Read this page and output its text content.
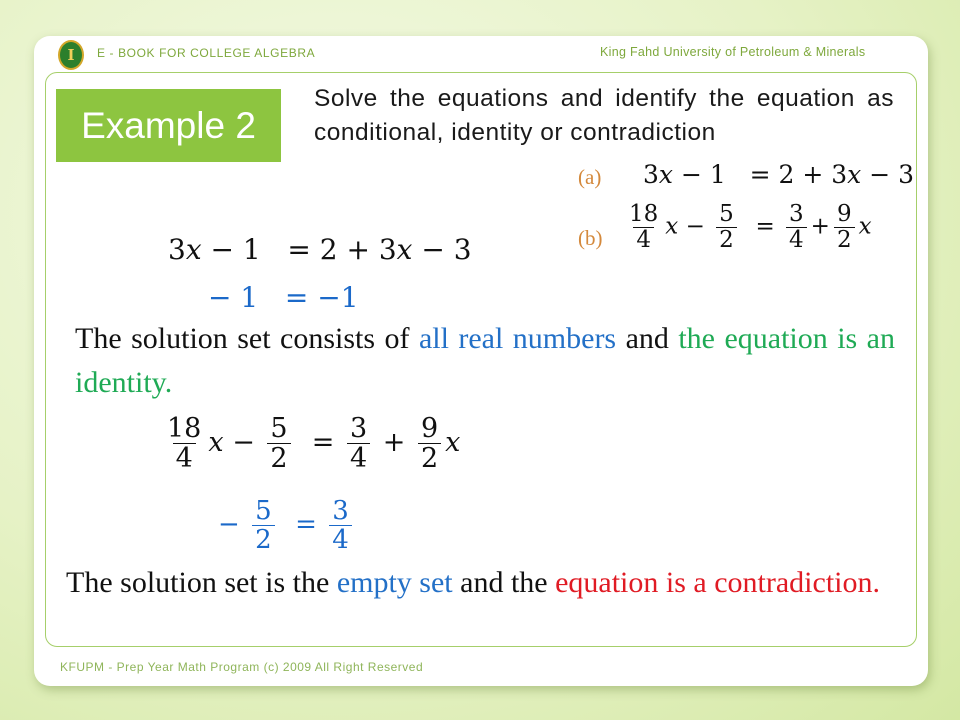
I	E - BOOK FOR COLLEGE ALGEBRA	King Fahd University of Petroleum & Minerals
Example 2
Solve the equations and identify the equation as conditional, identity or contradiction
(a) 3x − 1 = 2 + 3x − 3
$(b) \frac{18}{4}$ $x - \frac{5}{2} = \frac{3}{4} + \frac{9}{2}$ x
3x − 1 = 2 + 3x − 3
− 1 = −1
The solution set consists of all real numbers and the equation is an identity.
$\frac{18}{4}$ $x - \frac{5}{2} = \frac{3}{4} + \frac{9}{2}$ x
− $\frac{5}{2} = \frac{3}{4}$
The solution set is the empty set and the equation is a contradiction.
KFUPM - Prep Year Math Program (c) 2009 All Right Reserved
